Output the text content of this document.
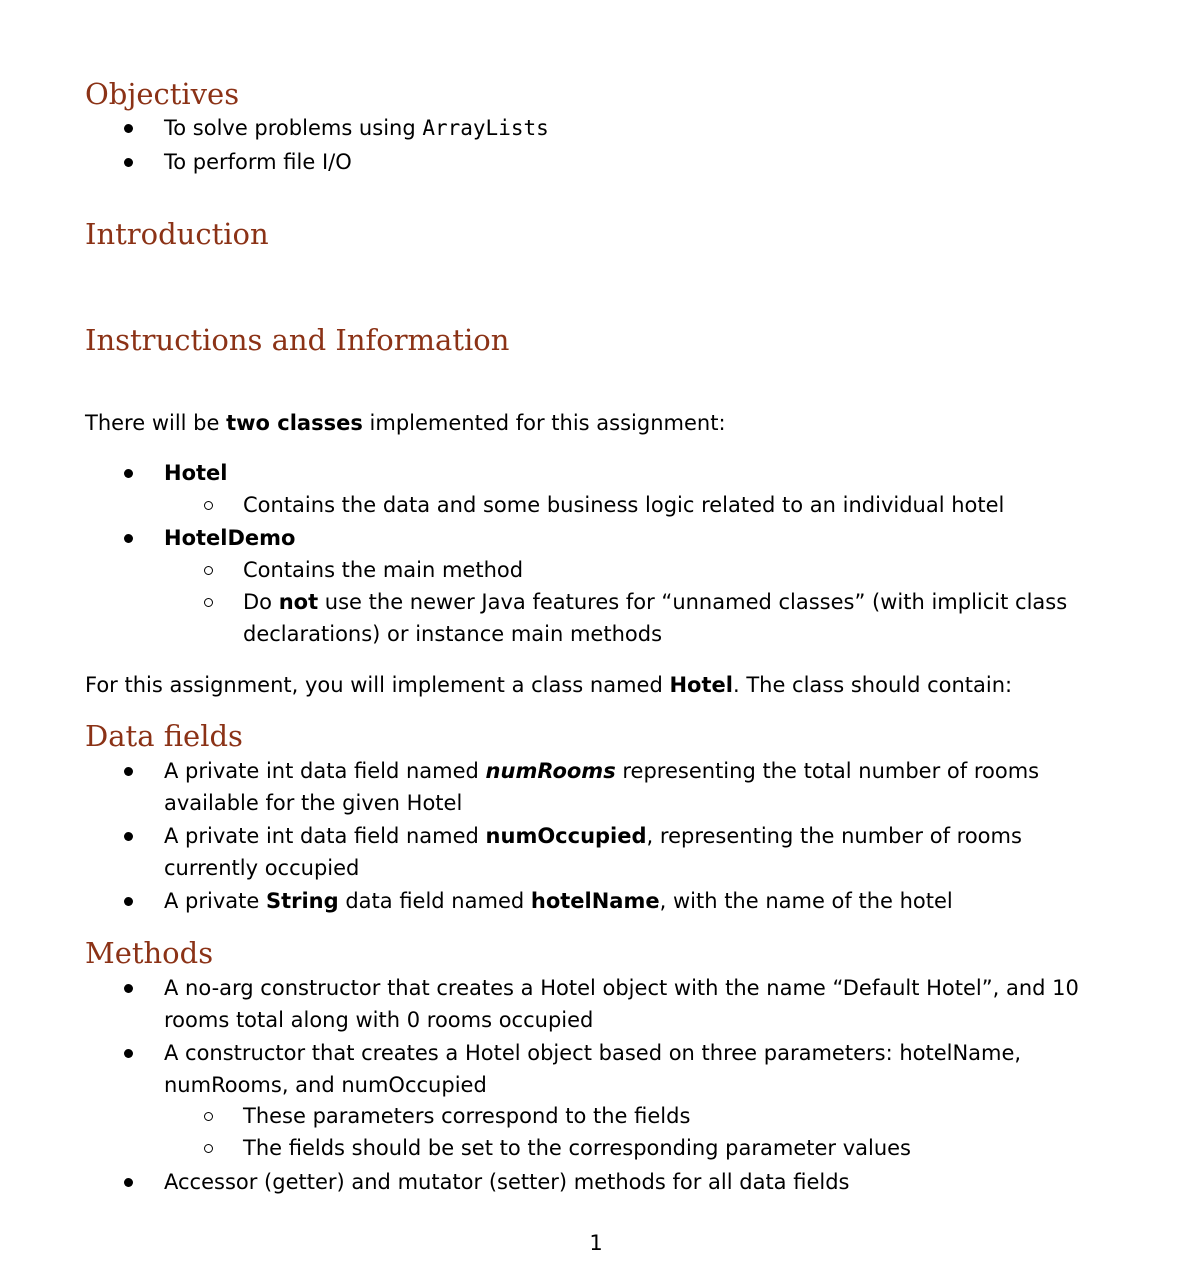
Objectives
To solve problems using ArrayLists
To perform file I/O
Introduction
Instructions and Information
There will be two classes implemented for this assignment:
Hotel
Contains the data and some business logic related to an individual hotel
HotelDemo
Contains the main method
Do not use the newer Java features for “unnamed classes” (with implicit class declarations) or instance main methods
For this assignment, you will implement a class named Hotel. The class should contain:
Data fields
A private int data field named numRooms representing the total number of rooms available for the given Hotel
A private int data field named numOccupied, representing the number of rooms currently occupied
A private String data field named hotelName, with the name of the hotel
Methods
A no-arg constructor that creates a Hotel object with the name “Default Hotel”, and 10 rooms total along with 0 rooms occupied
A constructor that creates a Hotel object based on three parameters: hotelName, numRooms, and numOccupied
These parameters correspond to the fields
The fields should be set to the corresponding parameter values
Accessor (getter) and mutator (setter) methods for all data fields
1
